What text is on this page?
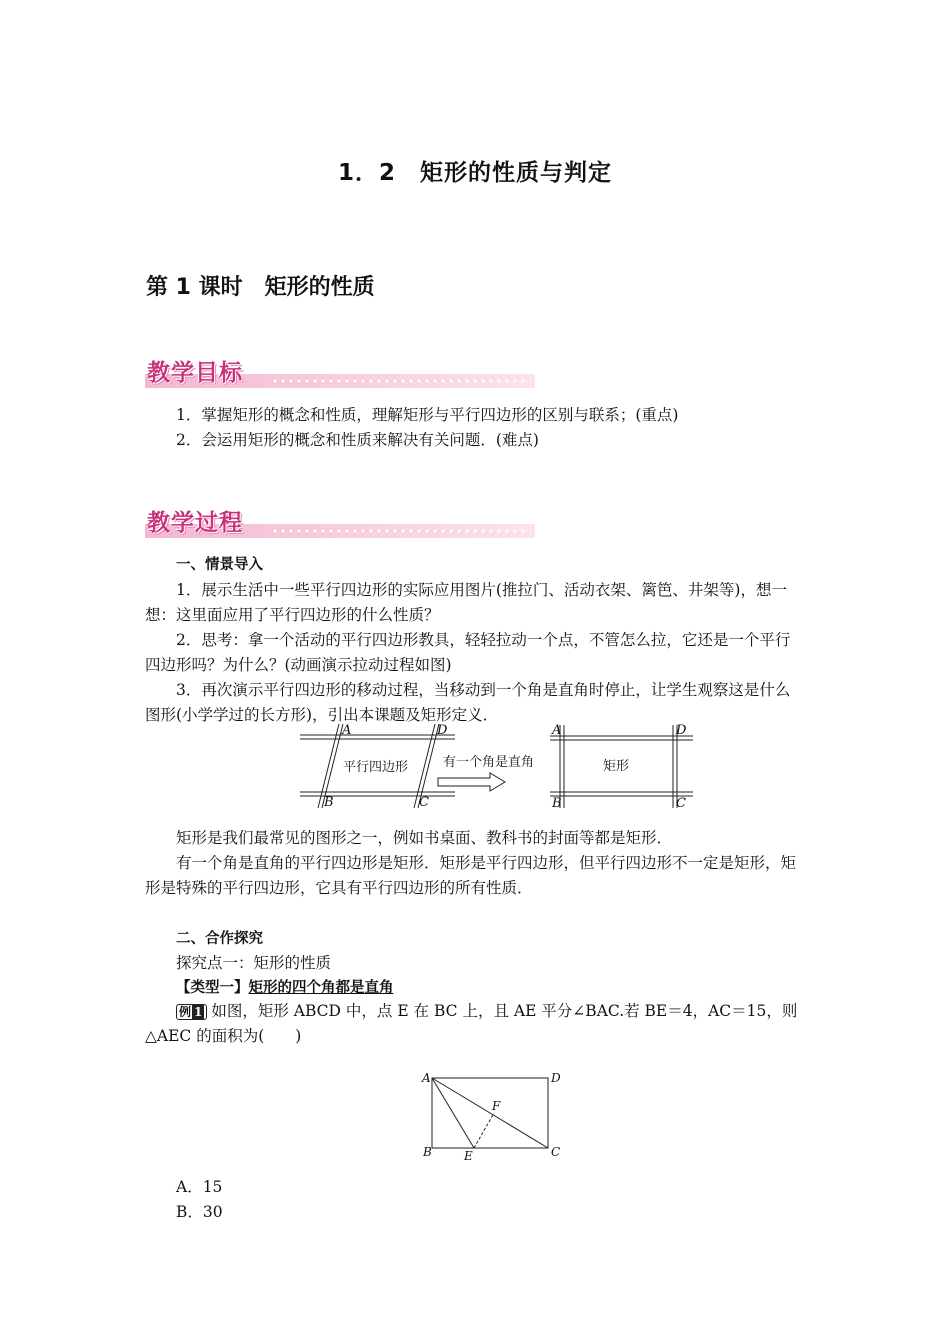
1．2　矩形的性质与判定
第 1 课时　矩形的性质
教学目标
1．掌握矩形的概念和性质，理解矩形与平行四边形的区别与联系；(重点)
2．会运用矩形的概念和性质来解决有关问题．(难点)
教学过程
一、情景导入
1．展示生活中一些平行四边形的实际应用图片(推拉门、活动衣架、篱笆、井架等)，想一想：这里面应用了平行四边形的什么性质？
2．思考：拿一个活动的平行四边形教具，轻轻拉动一个点，不管怎么拉，它还是一个平行四边形吗？为什么？(动画演示拉动过程如图)
3．再次演示平行四边形的移动过程，当移动到一个角是直角时停止，让学生观察这是什么图形(小学学过的长方形)，引出本课题及矩形定义．
A
B	C
D	A
B	C
D
平行四边形	有一个角是直角	矩形
矩形是我们最常见的图形之一，例如书桌面、教科书的封面等都是矩形．
有一个角是直角的平行四边形是矩形．矩形是平行四边形，但平行四边形不一定是矩形，矩形是特殊的平行四边形，它具有平行四边形的所有性质．
二、合作探究
探究点一：矩形的性质
【类型一】矩形的四个角都是直角
例 1 如图，矩形 ABCD 中，点 E 在 BC 上，且 AE 平分∠BAC.若 BE＝4，AC＝15，则△AEC 的面积为(　　)
A
B	C
D
E
F
A．15
B．30
